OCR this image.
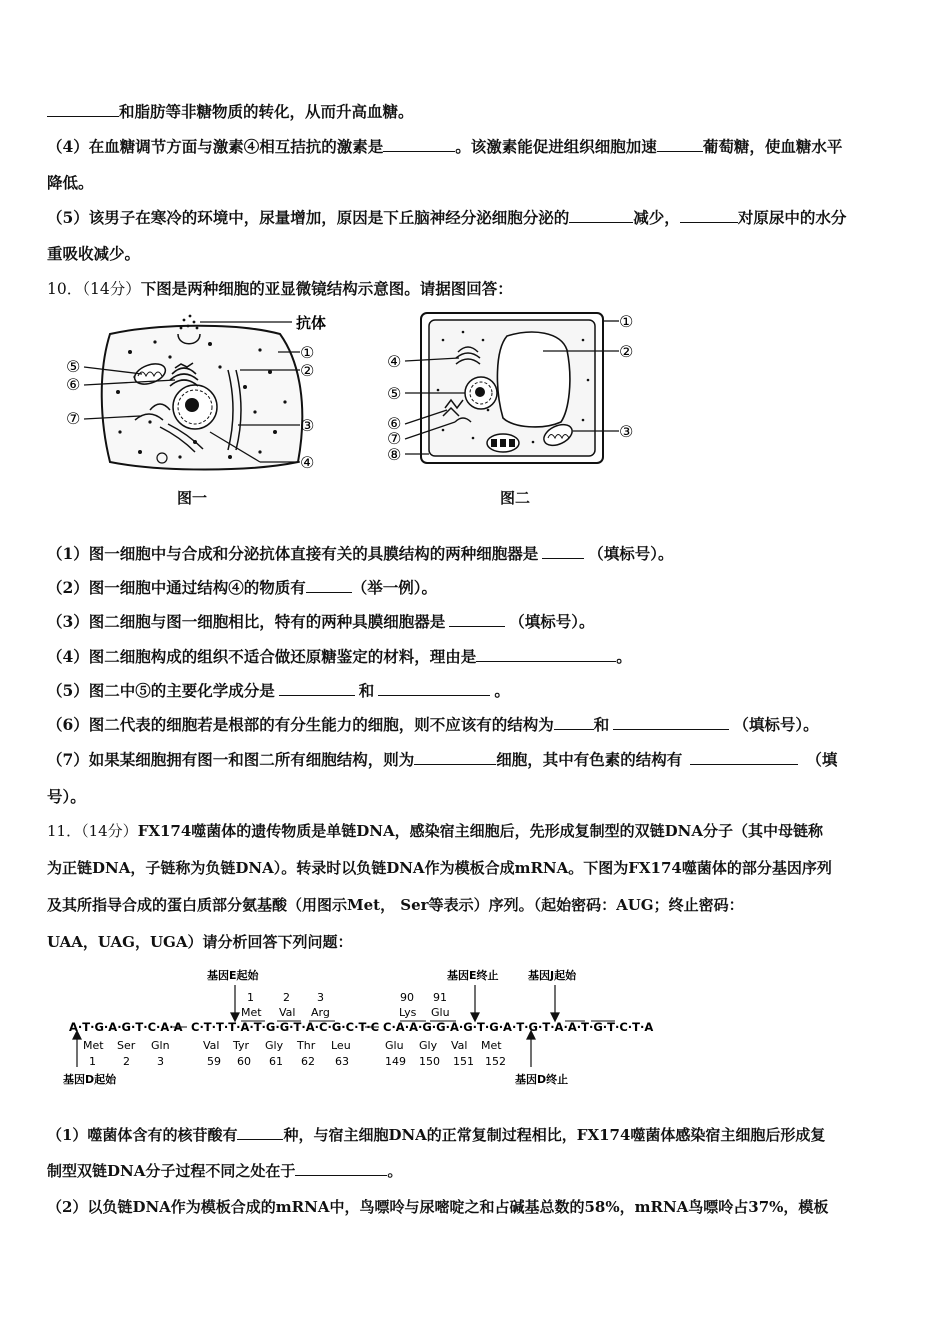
和脂肪等非糖物质的转化，从而升高血糖。
（4）在血糖调节方面与激素④相互拮抗的激素是	。该激素能促进组织细胞加速	葡萄糖，使血糖水平
降低。
（5）该男子在寒冷的环境中，尿量增加，原因是下丘脑神经分泌细胞分泌的	减少，	对原尿中的水分
重吸收减少。
10．（14分）下图是两种细胞的亚显微镜结构示意图。请据图回答：
抗体
⑤
⑥
⑦
①
②
③
④
图一
④
⑤
⑥
⑦
⑧
①
②
③
图二
（1）图一细胞中与合成和分泌抗体直接有关的具膜结构的两种细胞器是	（填标号）。
（2）图一细胞中通过结构④的物质有	（举一例）。
（3）图二细胞与图一细胞相比，特有的两种具膜细胞器是	（填标号）。
（4）图二细胞构成的组织不适合做还原糖鉴定的材料，理由是	。
（5）图二中⑤的主要化学成分是	和	。
（6）图二代表的细胞若是根部的有分生能力的细胞，则不应该有的结构为	和	（填标号）。
（7）如果某细胞拥有图一和图二所有细胞结构，则为	细胞，其中有色素的结构有	（填
号）。
11．（14分）FX174噬菌体的遗传物质是单链DNA，感染宿主细胞后，先形成复制型的双链DNA分子（其中母链称
为正链DNA，子链称为负链DNA）。转录时以负链DNA作为模板合成mRNA。下图为FX174噬菌体的部分基因序列
及其所指导合成的蛋白质部分氨基酸（用图示Met， Ser等表示）序列。（起始密码：AUG；终止密码：
UAA，UAG，UGA）请分析回答下列问题：
基因E起始	基因E终止	基因J起始
基因D起始	基因D终止
1	2 3	90 91
Met Val Arg	Lys Glu
A·T·G·A·G·T·C·A·A C·T·T·T·A·T·G·G·T·A·C·G·C·T·C C·A·A·G·G·A·G·T·G·A·T·G·T·A·A·T·G·T·C·T·A
Met Ser Gln	Val Tyr Gly Thr Leu	Glu Gly Val Met
1 2 3	59 60 61 62 63	149 150 151 152
（1）噬菌体含有的核苷酸有	种，与宿主细胞DNA的正常复制过程相比，FX174噬菌体感染宿主细胞后形成复
制型双链DNA分子过程不同之处在于	。
（2）以负链DNA作为模板合成的mRNA中，鸟嘌呤与尿嘧啶之和占碱基总数的58%，mRNA鸟嘌呤占37%，模板
